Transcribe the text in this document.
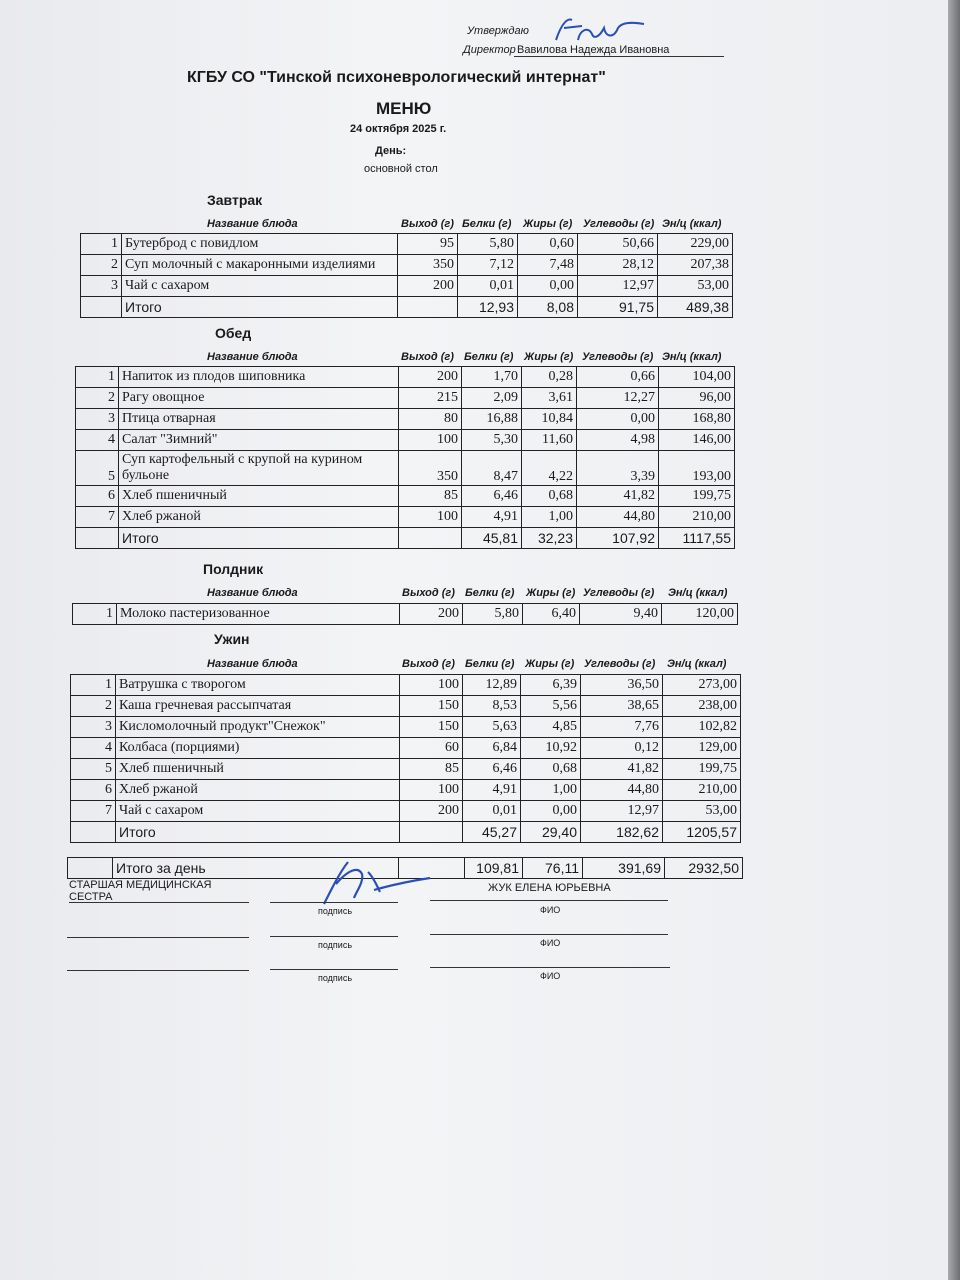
Утверждаю
Директор Вавилова Надежда Ивановна
КГБУ СО "Тинской психоневрологический интернат"
МЕНЮ
24 октября 2025 г.
День:
основной стол
Завтрак
Название блюда	Выход (г) Белки (г) Жиры (г) Углеводы (г) Эн/ц (ккал)
1	Бутерброд с повидлом	95	5,80	0,60	50,66	229,00
2	Суп молочный с макаронными изделиями	350	7,12	7,48	28,12	207,38
3	Чай с сахаром	200	0,01	0,00	12,97	53,00
	Итого		12,93	8,08	91,75	489,38
Обед
Название блюда	Выход (г) Белки (г) Жиры (г) Углеводы (г) Эн/ц (ккал)
1	Напиток из плодов шиповника	200	1,70	0,28	0,66	104,00
2	Рагу овощное	215	2,09	3,61	12,27	96,00
3	Птица отварная	80	16,88	10,84	0,00	168,80
4	Салат "Зимний"	100	5,30	11,60	4,98	146,00
5	Суп картофельный с крупой на курином бульоне	350	8,47	4,22	3,39	193,00
6	Хлеб пшеничный	85	6,46	0,68	41,82	199,75
7	Хлеб ржаной	100	4,91	1,00	44,80	210,00
	Итого		45,81	32,23	107,92	1117,55
Полдник
Название блюда	Выход (г) Белки (г) Жиры (г) Углеводы (г) Эн/ц (ккал)
1	Молоко пастеризованное	200	5,80	6,40	9,40	120,00
Ужин
Название блюда	Выход (г) Белки (г) Жиры (г) Углеводы (г) Эн/ц (ккал)
1	Ватрушка с творогом	100	12,89	6,39	36,50	273,00
2	Каша гречневая рассыпчатая	150	8,53	5,56	38,65	238,00
3	Кисломолочный продукт"Снежок"	150	5,63	4,85	7,76	102,82
4	Колбаса (порциями)	60	6,84	10,92	0,12	129,00
5	Хлеб пшеничный	85	6,46	0,68	41,82	199,75
6	Хлеб ржаной	100	4,91	1,00	44,80	210,00
7	Чай с сахаром	200	0,01	0,00	12,97	53,00
	Итого		45,27	29,40	182,62	1205,57
	Итого за день		109,81	76,11	391,69	2932,50
СТАРШАЯ МЕДИЦИНСКАЯ СЕСТРА
ЖУК ЕЛЕНА ЮРЬЕВНА
подпись	ФИО
подпись	ФИО
подпись	ФИО
